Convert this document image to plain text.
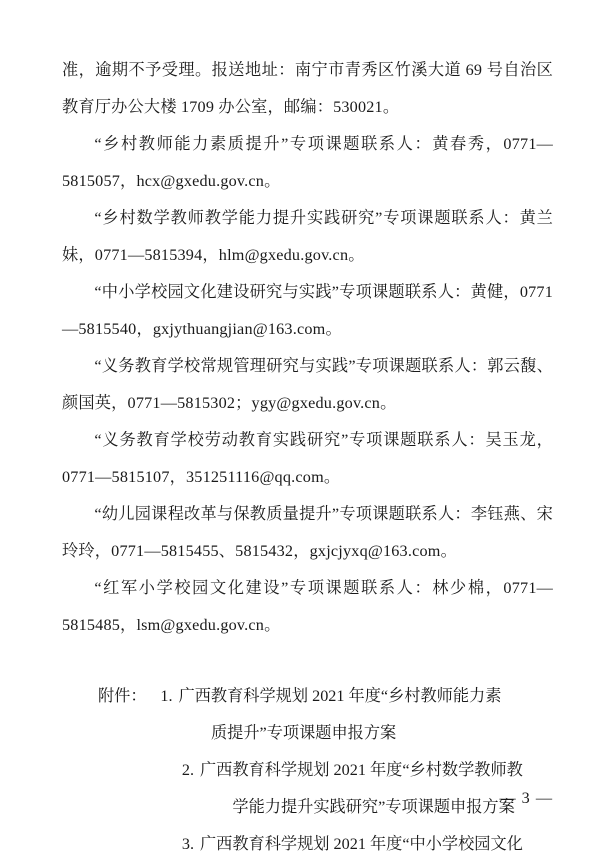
准，逾期不予受理。报送地址：南宁市青秀区竹溪大道 69 号自治区教育厅办公大楼 1709 办公室，邮编：530021。

“乡村教师能力素质提升”专项课题联系人：黄春秀，0771—5815057，hcx@gxedu.gov.cn。

“乡村数学教师教学能力提升实践研究”专项课题联系人：黄兰妹，0771—5815394，hlm@gxedu.gov.cn。

“中小学校园文化建设研究与实践”专项课题联系人：黄健，0771—5815540，gxjythuangjian@163.com。

“义务教育学校常规管理研究与实践”专项课题联系人：郭云馥、颜国英，0771—5815302；ygy@gxedu.gov.cn。

“义务教育学校劳动教育实践研究”专项课题联系人：吴玉龙，0771—5815107，351251116@qq.com。

“幼儿园课程改革与保教质量提升”专项课题联系人：李钰燕、宋玲玲，0771—5815455、5815432，gxjcjyxq@163.com。

“红军小学校园文化建设”专项课题联系人：林少棉，0771—5815485，lsm@gxedu.gov.cn。

附件： 1. 广西教育科学规划 2021 年度“乡村教师能力素
质提升”专项课题申报方案
2. 广西教育科学规划 2021 年度“乡村数学教师教
学能力提升实践研究”专项课题申报方案
3. 广西教育科学规划 2021 年度“中小学校园文化
— 3 —
